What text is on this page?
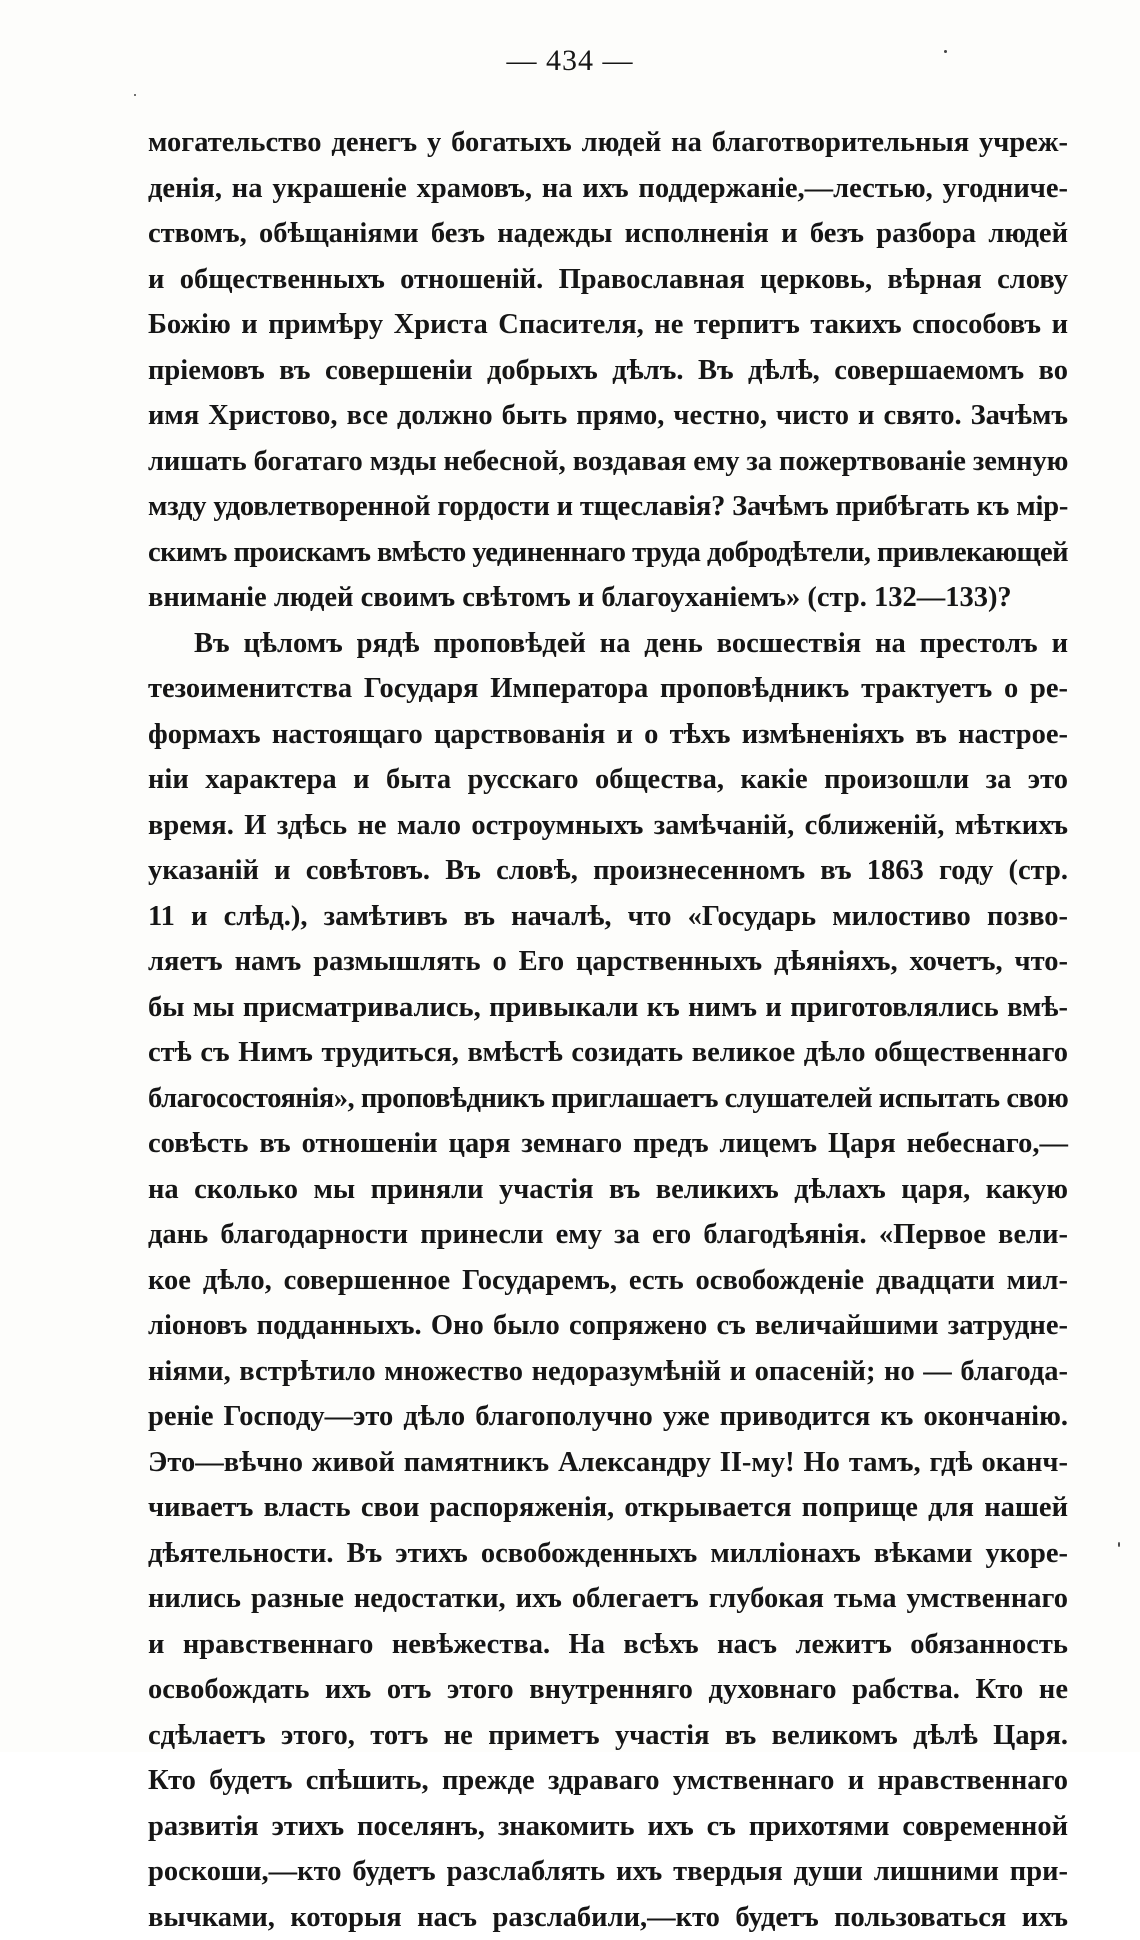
— 434 —
могательство денегъ у богатыхъ людей на благотворительныя учреж-
денія, на украшеніе храмовъ, на ихъ поддержаніе,—лестью, угодниче-
ствомъ, обѣщаніями безъ надежды исполненія и безъ разбора людей
и общественныхъ отношеній. Православная церковь, вѣрная слову
Божію и примѣру Христа Спасителя, не терпитъ такихъ способовъ и
пріемовъ въ совершеніи добрыхъ дѣлъ. Въ дѣлѣ, совершаемомъ во
имя Христово, все должно быть прямо, честно, чисто и свято. Зачѣмъ
лишать богатаго мзды небесной, воздавая ему за пожертвованіе земную
мзду удовлетворенной гордости и тщеславія? Зачѣмъ прибѣгать къ мір-
скимъ проискамъ вмѣсто уединеннаго труда добродѣтели, привлекающей
вниманіе людей своимъ свѣтомъ и благоуханіемъ» (стр. 132—133)?
Въ цѣломъ рядѣ проповѣдей на день восшествія на престолъ и
тезоименитства Государя Императора проповѣдникъ трактуетъ о ре-
формахъ настоящаго царствованія и о тѣхъ измѣненіяхъ въ настрое-
ніи характера и быта русскаго общества, какіе произошли за это
время. И здѣсь не мало остроумныхъ замѣчаній, сближеній, мѣткихъ
указаній и совѣтовъ. Въ словѣ, произнесенномъ въ 1863 году (стр.
11 и слѣд.), замѣтивъ въ началѣ, что «Государь милостиво позво-
ляетъ намъ размышлять о Его царственныхъ дѣяніяхъ, хочетъ, что-
бы мы присматривались, привыкали къ нимъ и приготовлялись вмѣ-
стѣ съ Нимъ трудиться, вмѣстѣ созидать великое дѣло общественнаго
благосостоянія», проповѣдникъ приглашаетъ слушателей испытать свою
совѣсть въ отношеніи царя земнаго предъ лицемъ Царя небеснаго,—
на сколько мы приняли участія въ великихъ дѣлахъ царя, какую
дань благодарности принесли ему за его благодѣянія. «Первое вели-
кое дѣло, совершенное Государемъ, есть освобожденіе двадцати мил-
ліоновъ подданныхъ. Оно было сопряжено съ величайшими затрудне-
ніями, встрѣтило множество недоразумѣній и опасеній; но — благода-
реніе Господу—это дѣло благополучно уже приводится къ окончанію.
Это—вѣчно живой памятникъ Александру II-му! Но тамъ, гдѣ оканч-
чиваетъ власть свои распоряженія, открывается поприще для нашей
дѣятельности. Въ этихъ освобожденныхъ милліонахъ вѣками укоре-
нились разные недостатки, ихъ облегаетъ глубокая тьма умственнаго
и нравственнаго невѣжества. На всѣхъ насъ лежитъ обязанность
освобождать ихъ отъ этого внутренняго духовнаго рабства. Кто не
сдѣлаетъ этого, тотъ не приметъ участія въ великомъ дѣлѣ Царя.
Кто будетъ спѣшить, прежде здраваго умственнаго и нравственнаго
развитія этихъ поселянъ, знакомить ихъ съ прихотями современной
роскоши,—кто будетъ разслаблять ихъ твердыя души лишними при-
вычками, которыя насъ разслабили,—кто будетъ пользоваться ихъ
